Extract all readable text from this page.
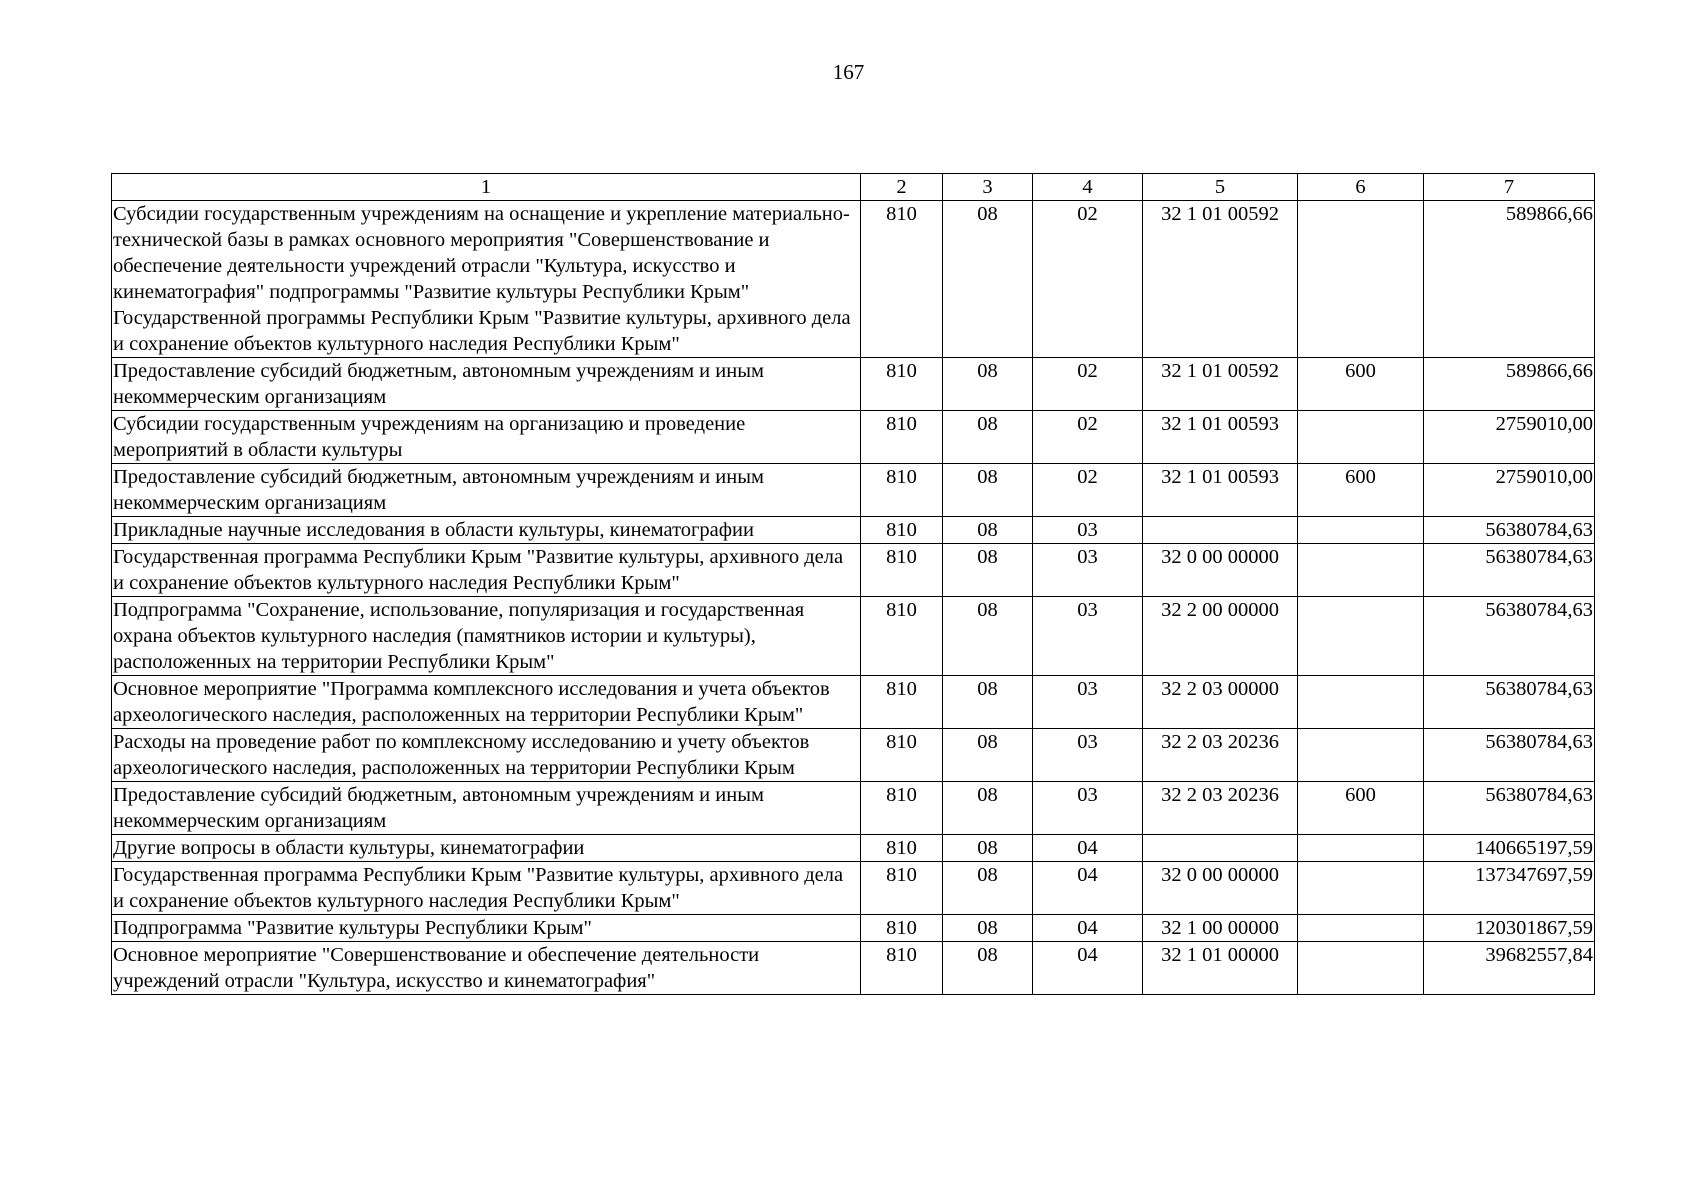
167
1	2	3	4	5	6	7
Субсидии государственным учреждениям на оснащение и укрепление материально-технической базы в рамках основного мероприятия "Совершенствование и обеспечение деятельности учреждений отрасли "Культура, искусство и кинематография" подпрограммы "Развитие культуры Республики Крым" Государственной программы Республики Крым "Развитие культуры, архивного дела и сохранение объектов культурного наследия Республики Крым"	810	08	02	32 1 01 00592		589866,66
Предоставление субсидий бюджетным, автономным учреждениям и иным некоммерческим организациям	810	08	02	32 1 01 00592	600	589866,66
Субсидии государственным учреждениям на организацию и проведение мероприятий в области культуры	810	08	02	32 1 01 00593		2759010,00
Предоставление субсидий бюджетным, автономным учреждениям и иным некоммерческим организациям	810	08	02	32 1 01 00593	600	2759010,00
Прикладные научные исследования в области культуры, кинематографии	810	08	03			56380784,63
Государственная программа Республики Крым "Развитие культуры, архивного дела и сохранение объектов культурного наследия Республики Крым"	810	08	03	32 0 00 00000		56380784,63
Подпрограмма "Сохранение, использование, популяризация и государственная охрана объектов культурного наследия (памятников истории и культуры), расположенных на территории Республики Крым"	810	08	03	32 2 00 00000		56380784,63
Основное мероприятие "Программа комплексного исследования и учета объектов археологического наследия, расположенных на территории Республики Крым"	810	08	03	32 2 03 00000		56380784,63
Расходы на проведение работ по комплексному исследованию и учету объектов археологического наследия, расположенных на территории Республики Крым	810	08	03	32 2 03 20236		56380784,63
Предоставление субсидий бюджетным, автономным учреждениям и иным некоммерческим организациям	810	08	03	32 2 03 20236	600	56380784,63
Другие вопросы в области культуры, кинематографии	810	08	04			140665197,59
Государственная программа Республики Крым "Развитие культуры, архивного дела и сохранение объектов культурного наследия Республики Крым"	810	08	04	32 0 00 00000		137347697,59
Подпрограмма "Развитие культуры Республики Крым"	810	08	04	32 1 00 00000		120301867,59
Основное мероприятие "Совершенствование и обеспечение деятельности учреждений отрасли "Культура, искусство и кинематография"	810	08	04	32 1 01 00000		39682557,84
